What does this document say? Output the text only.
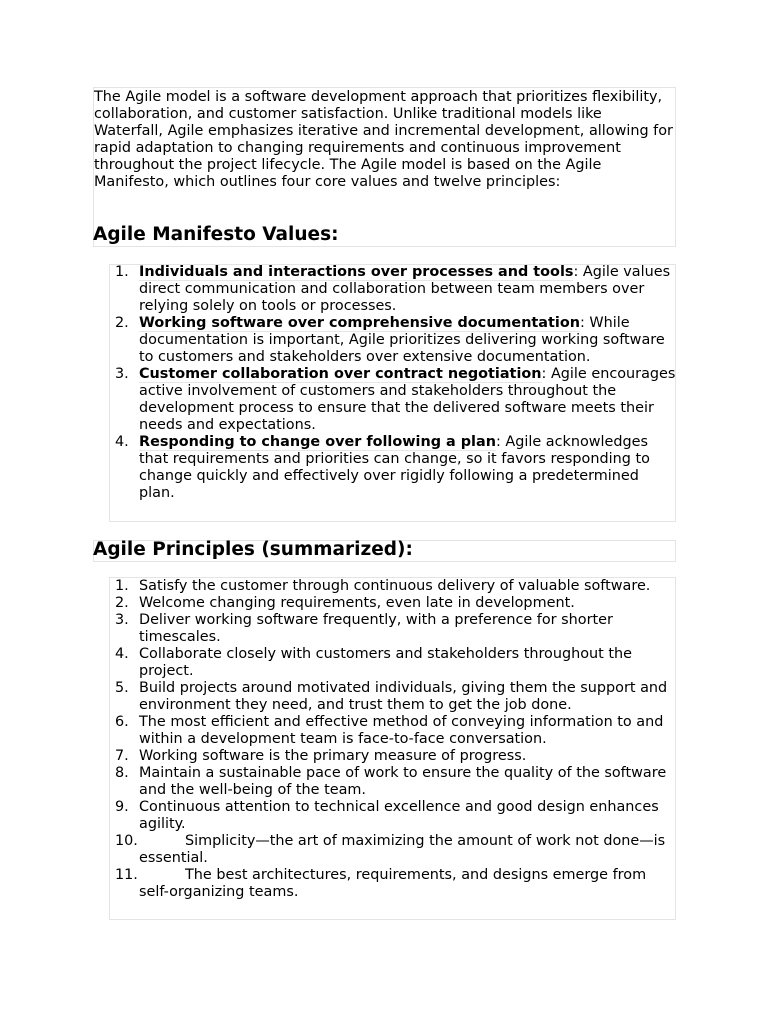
The Agile model is a software development approach that prioritizes flexibility, collaboration, and customer satisfaction. Unlike traditional models like Waterfall, Agile emphasizes iterative and incremental development, allowing for rapid adaptation to changing requirements and continuous improvement throughout the project lifecycle. The Agile model is based on the Agile Manifesto, which outlines four core values and twelve principles:

Agile Manifesto Values:
1. Individuals and interactions over processes and tools: Agile values direct communication and collaboration between team members over relying solely on tools or processes.
2. Working software over comprehensive documentation: While documentation is important, Agile prioritizes delivering working software to customers and stakeholders over extensive documentation.
3. Customer collaboration over contract negotiation: Agile encourages active involvement of customers and stakeholders throughout the development process to ensure that the delivered software meets their needs and expectations.
4. Responding to change over following a plan: Agile acknowledges that requirements and priorities can change, so it favors responding to change quickly and effectively over rigidly following a predetermined plan.
Agile Principles (summarized):
1. Satisfy the customer through continuous delivery of valuable software.
2. Welcome changing requirements, even late in development.
3. Deliver working software frequently, with a preference for shorter timescales.
4. Collaborate closely with customers and stakeholders throughout the project.
5. Build projects around motivated individuals, giving them the support and environment they need, and trust them to get the job done.
6. The most efficient and effective method of conveying information to and within a development team is face-to-face conversation.
7. Working software is the primary measure of progress.
8. Maintain a sustainable pace of work to ensure the quality of the software and the well-being of the team.
9. Continuous attention to technical excellence and good design enhances agility.
10.	Simplicity—the art of maximizing the amount of work not done—is essential.
11.	The best architectures, requirements, and designs emerge from self-organizing teams.
